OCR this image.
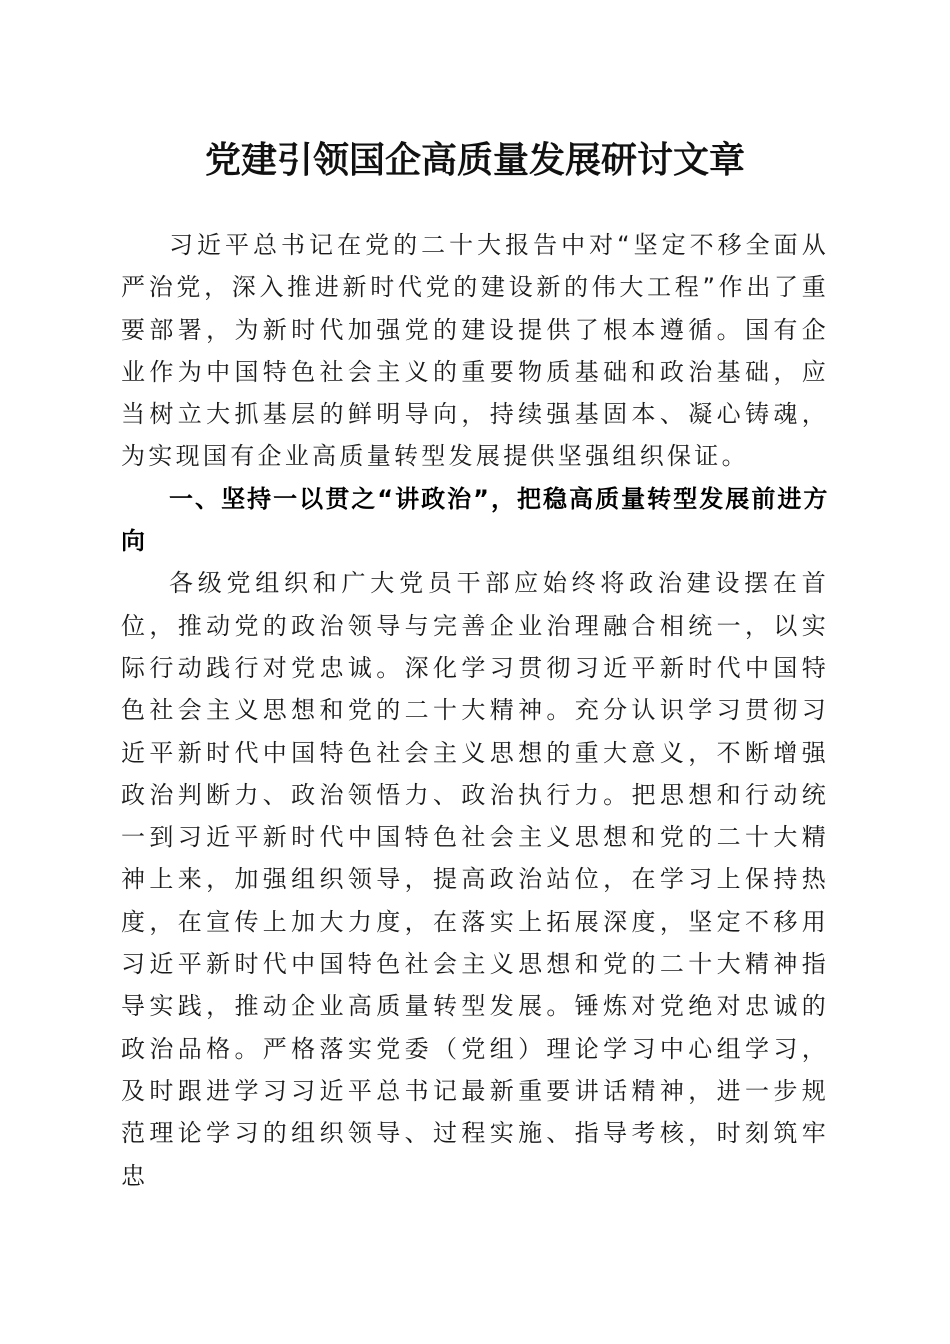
党建引领国企高质量发展研讨文章

习近平总书记在党的二十大报告中对“坚定不移全面从严治党，深入推进新时代党的建设新的伟大工程”作出了重要部署，为新时代加强党的建设提供了根本遵循。国有企业作为中国特色社会主义的重要物质基础和政治基础，应当树立大抓基层的鲜明导向，持续强基固本、凝心铸魂，为实现国有企业高质量转型发展提供坚强组织保证。

一、坚持一以贯之“讲政治”，把稳高质量转型发展前进方向

各级党组织和广大党员干部应始终将政治建设摆在首位，推动党的政治领导与完善企业治理融合相统一，以实际行动践行对党忠诚。深化学习贯彻习近平新时代中国特色社会主义思想和党的二十大精神。充分认识学习贯彻习近平新时代中国特色社会主义思想的重大意义，不断增强政治判断力、政治领悟力、政治执行力。把思想和行动统一到习近平新时代中国特色社会主义思想和党的二十大精神上来，加强组织领导，提高政治站位，在学习上保持热度，在宣传上加大力度，在落实上拓展深度，坚定不移用习近平新时代中国特色社会主义思想和党的二十大精神指导实践，推动企业高质量转型发展。锤炼对党绝对忠诚的政治品格。严格落实党委（党组）理论学习中心组学习，及时跟进学习习近平总书记最新重要讲话精神，进一步规范理论学习的组织领导、过程实施、指导考核，时刻筑牢忠
